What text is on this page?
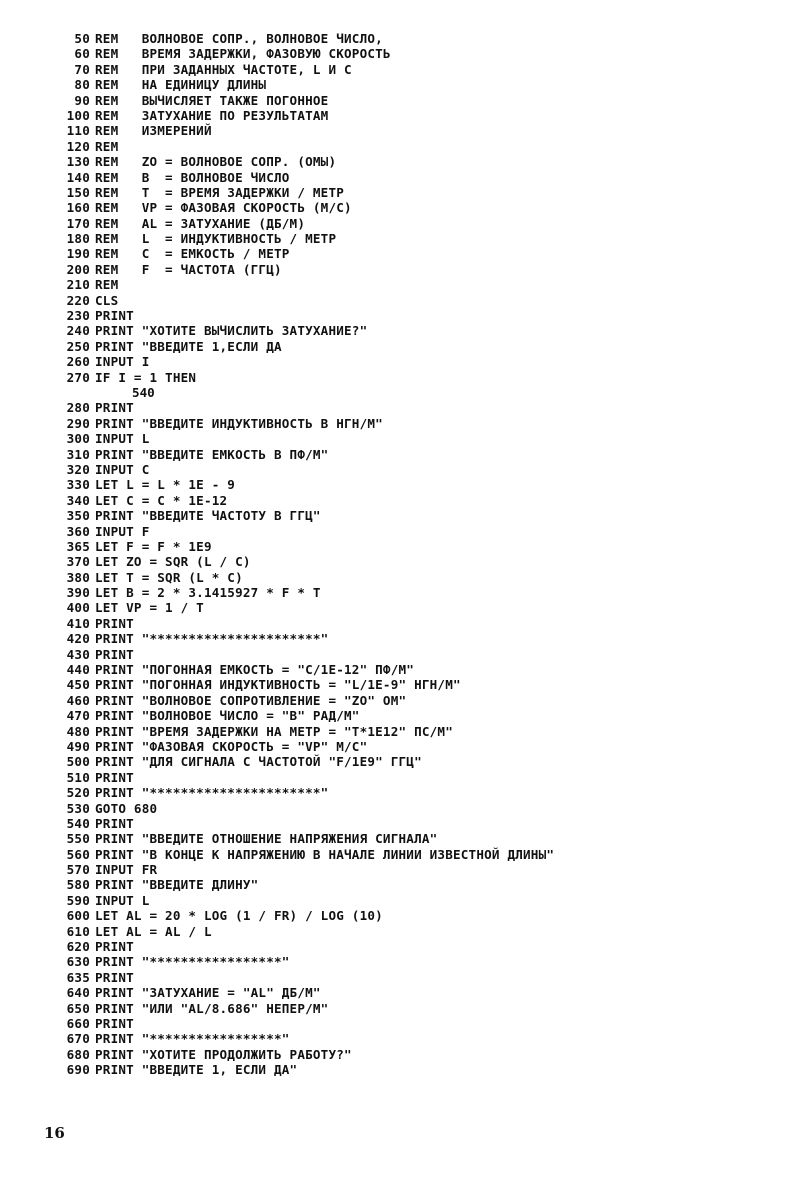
50 REM   ВОЛНОВОЕ СОПР., ВОЛНОВОЕ ЧИСЛО,
60 REM   ВРЕМЯ ЗАДЕРЖКИ, ФАЗОВУЮ СКОРОСТЬ
70 REM   ПРИ ЗАДАННЫХ ЧАСТОТЕ, L И С
80 REM   НА ЕДИНИЦУ ДЛИНЫ
90 REM   ВЫЧИСЛЯЕТ ТАКЖЕ ПОГОННОЕ
100 REM   ЗАТУХАНИЕ ПО РЕЗУЛЬТАТАМ
110 REM   ИЗМЕРЕНИЙ
120 REM
130 REM   ZO = ВОЛНОВОЕ СОПР. (ОМЫ)
140 REM   B  = ВОЛНОВОЕ ЧИСЛО
150 REM   T  = ВРЕМЯ ЗАДЕРЖКИ / МЕТР
160 REM   VP = ФАЗОВАЯ СКОРОСТЬ (М/С)
170 REM   AL = ЗАТУХАНИЕ (ДБ/М)
180 REM   L  = ИНДУКТИВНОСТЬ / МЕТР
190 REM   C  = ЕМКОСТЬ / МЕТР
200 REM   F  = ЧАСТОТА (ГГЦ)
210 REM
220 CLS
230 PRINT
240 PRINT "ХОТИТЕ ВЫЧИСЛИТЬ ЗАТУХАНИЕ?"
250 PRINT "ВВЕДИТЕ 1,ЕСЛИ ДА
260 INPUT I
270 IF I = 1 THEN
540
280 PRINT
290 PRINT "ВВЕДИТЕ ИНДУКТИВНОСТЬ В НГН/М"
300 INPUT L
310 PRINT "ВВЕДИТЕ ЕМКОСТЬ В ПФ/М"
320 INPUT C
330 LET L = L * 1E - 9
340 LET C = C * 1E-12
350 PRINT "ВВЕДИТЕ ЧАСТОТУ В ГГЦ"
360 INPUT F
365 LET F = F * 1E9
370 LET ZO = SQR (L / C)
380 LET T = SQR (L * C)
390 LET B = 2 * 3.1415927 * F * T
400 LET VP = 1 / T
410 PRINT
420 PRINT "**********************"
430 PRINT
440 PRINT "ПОГОННАЯ ЕМКОСТЬ = "C/1E-12" ПФ/М"
450 PRINT "ПОГОННАЯ ИНДУКТИВНОСТЬ = "L/1E-9" НГН/М"
460 PRINT "ВОЛНОВОЕ СОПРОТИВЛЕНИЕ = "ZO" ОМ"
470 PRINT "ВОЛНОВОЕ ЧИСЛО = "B" РАД/М"
480 PRINT "ВРЕМЯ ЗАДЕРЖКИ НА МЕТР = "T*1E12" ПС/М"
490 PRINT "ФАЗОВАЯ СКОРОСТЬ = "VP" М/С"
500 PRINT "ДЛЯ СИГНАЛА С ЧАСТОТОЙ "F/1E9" ГГЦ"
510 PRINT
520 PRINT "**********************"
530 GOTO 680
540 PRINT
550 PRINT "ВВЕДИТЕ ОТНОШЕНИЕ НАПРЯЖЕНИЯ СИГНАЛА"
560 PRINT "В КОНЦЕ К НАПРЯЖЕНИЮ В НАЧАЛЕ ЛИНИИ ИЗВЕСТНОЙ ДЛИНЫ"
570 INPUT FR
580 PRINT "ВВЕДИТЕ ДЛИНУ"
590 INPUT L
600 LET AL = 20 * LOG (1 / FR) / LOG (10)
610 LET AL = AL / L
620 PRINT
630 PRINT "*****************"
635 PRINT
640 PRINT "ЗАТУХАНИЕ = "AL" ДБ/М"
650 PRINT "ИЛИ "AL/8.686" НЕПЕР/М"
660 PRINT
670 PRINT "*****************"
680 PRINT "ХОТИТЕ ПРОДОЛЖИТЬ РАБОТУ?"
690 PRINT "ВВЕДИТЕ 1, ЕСЛИ ДА"
16
